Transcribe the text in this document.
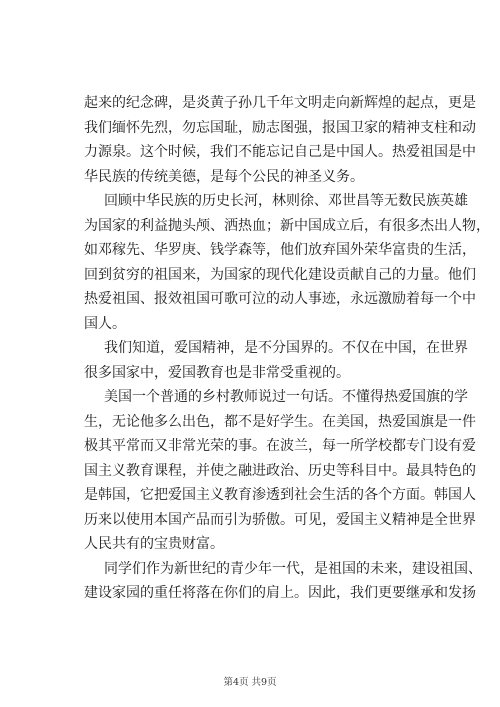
起来的纪念碑，是炎黄子孙几千年文明走向新辉煌的起点，更是
我们缅怀先烈，勿忘国耻，励志图强，报国卫家的精神支柱和动
力源泉。这个时候，我们不能忘记自己是中国人。热爱祖国是中
华民族的传统美德，是每个公民的神圣义务。

回顾中华民族的历史长河，林则徐、邓世昌等无数民族英雄
为国家的利益抛头颅、洒热血；新中国成立后，有很多杰出人物，
如邓稼先、华罗庚、钱学森等，他们放弃国外荣华富贵的生活，
回到贫穷的祖国来，为国家的现代化建设贡献自己的力量。他们
热爱祖国、报效祖国可歌可泣的动人事迹，永远激励着每一个中
国人。

我们知道，爱国精神，是不分国界的。不仅在中国，在世界
很多国家中，爱国教育也是非常受重视的。

美国一个普通的乡村教师说过一句话。不懂得热爱国旗的学
生，无论他多么出色，都不是好学生。在美国，热爱国旗是一件
极其平常而又非常光荣的事。在波兰，每一所学校都专门设有爱
国主义教育课程，并使之融进政治、历史等科目中。最具特色的
是韩国，它把爱国主义教育渗透到社会生活的各个方面。韩国人
历来以使用本国产品而引为骄傲。可见，爱国主义精神是全世界
人民共有的宝贵财富。

同学们作为新世纪的青少年一代，是祖国的未来，建设祖国、
建设家园的重任将落在你们的肩上。因此，我们更要继承和发扬

第4页 共9页
